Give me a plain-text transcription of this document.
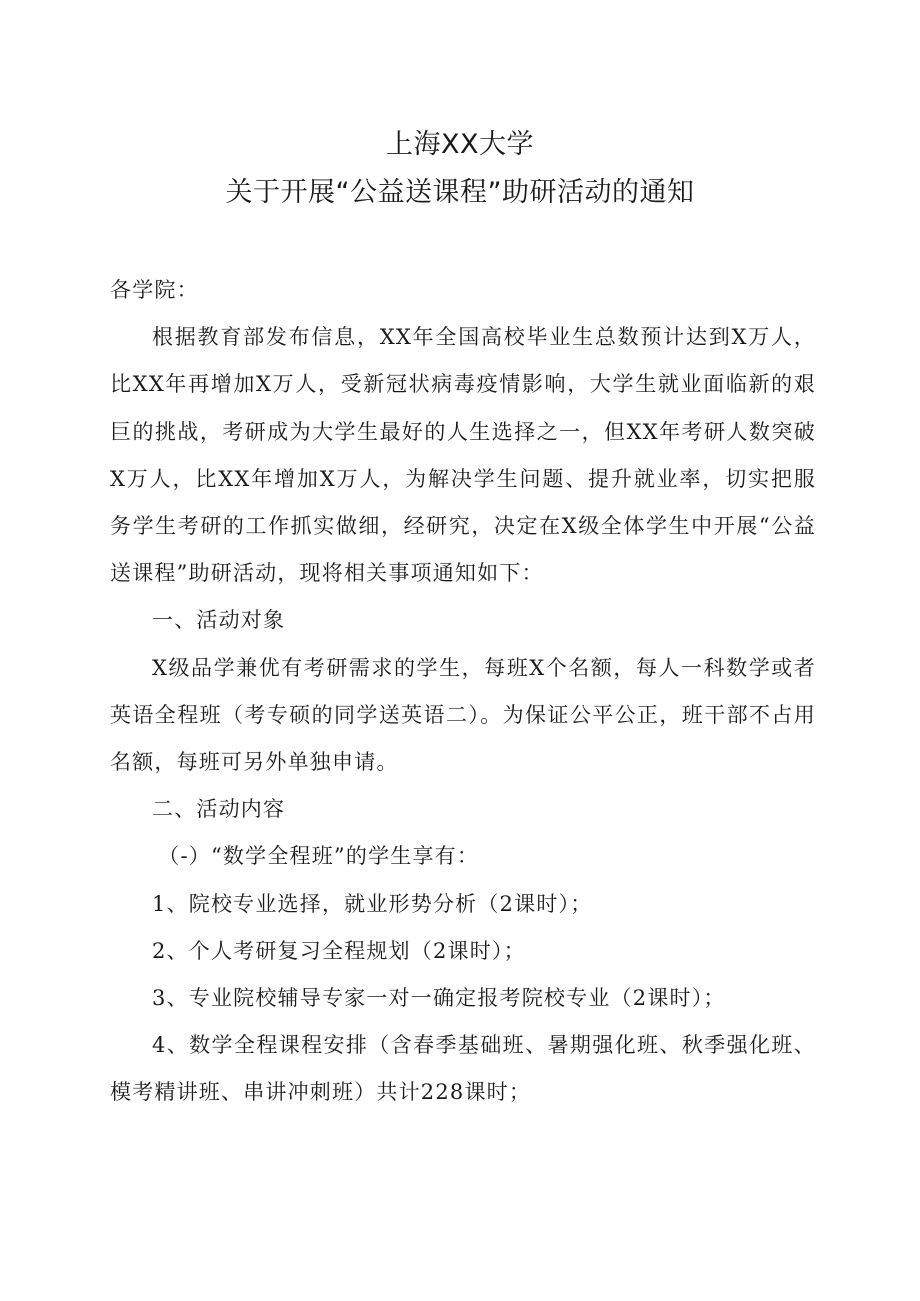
上海XX大学
关于开展“公益送课程”助研活动的通知

各学院：

根据教育部发布信息，XX年全国高校毕业生总数预计达到X万人，比XX年再增加X万人，受新冠状病毒疫情影响，大学生就业面临新的艰巨的挑战，考研成为大学生最好的人生选择之一，但XX年考研人数突破X万人，比XX年增加X万人，为解决学生问题、提升就业率，切实把服务学生考研的工作抓实做细，经研究，决定在X级全体学生中开展“公益送课程”助研活动，现将相关事项通知如下：

一、活动对象

X级品学兼优有考研需求的学生，每班X个名额，每人一科数学或者英语全程班（考专硕的同学送英语二）。为保证公平公正，班干部不占用名额，每班可另外单独申请。

二、活动内容

（-）“数学全程班”的学生享有：

1、院校专业选择，就业形势分析（2课时）；

2、个人考研复习全程规划（2课时）；

3、专业院校辅导专家一对一确定报考院校专业（2课时）；

4、数学全程课程安排（含春季基础班、暑期强化班、秋季强化班、模考精讲班、串讲冲刺班）共计228课时；
